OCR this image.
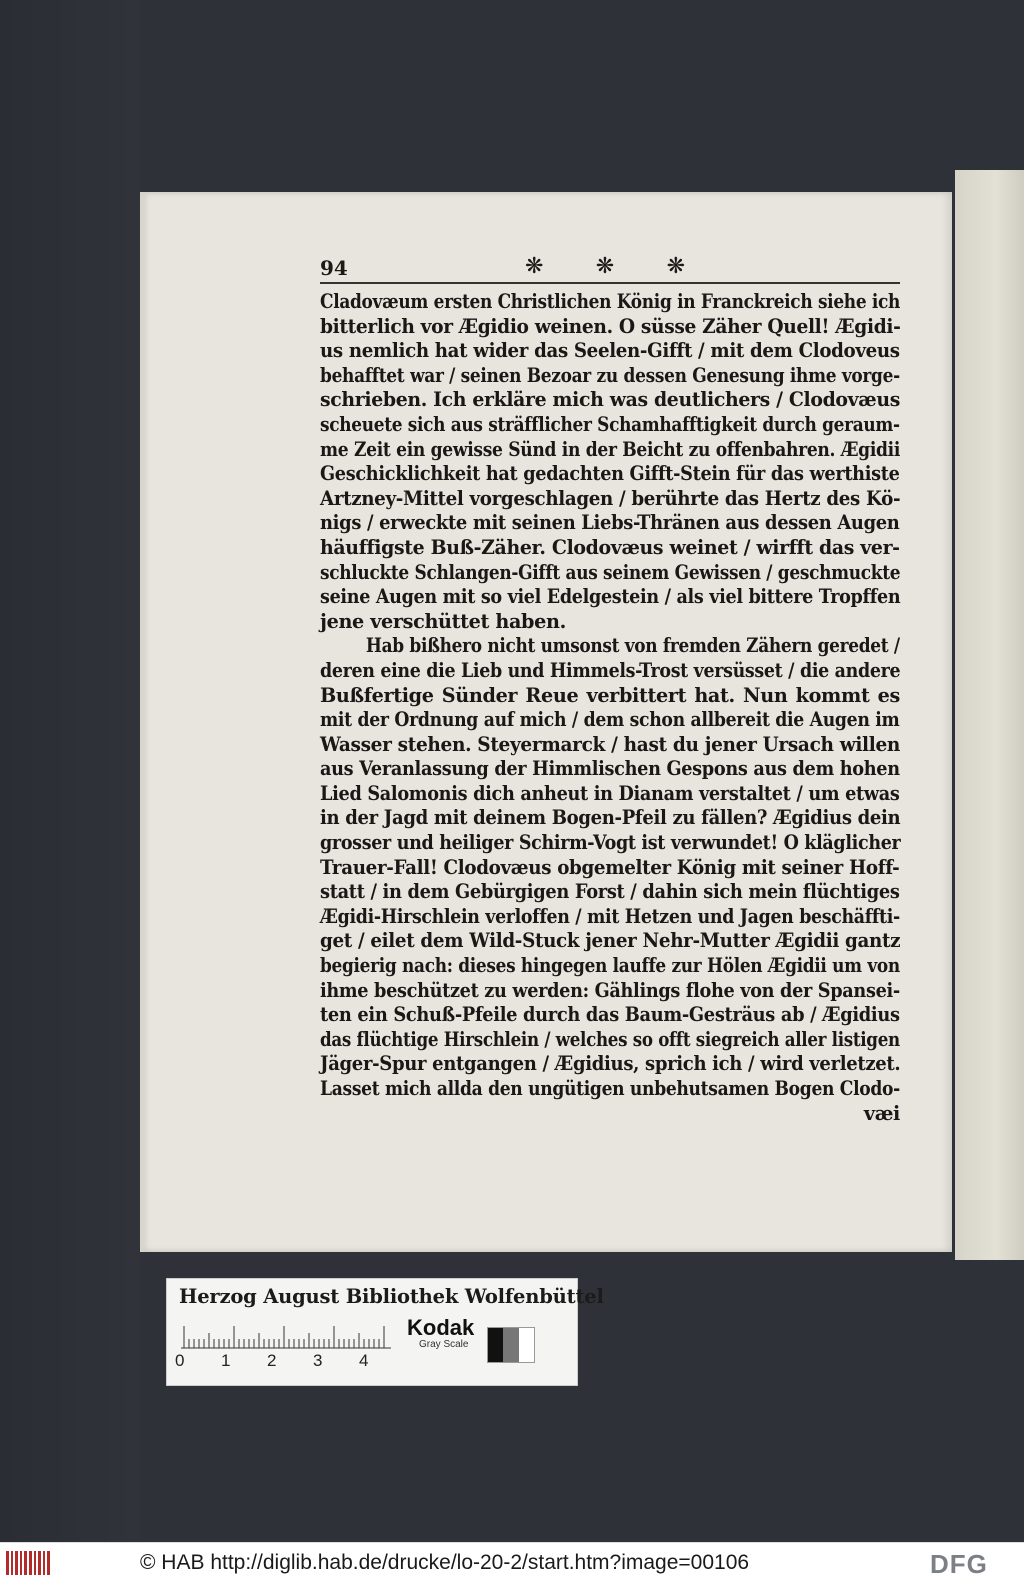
94	❋ ❋ ❋
Cladovæum ersten Christlichen König in Franckreich siehe ich
bitterlich vor Ægidio weinen. O süsse Zäher Quell! Ægidi-
us nemlich hat wider das Seelen-Gifft / mit dem Clodoveus
behafftet war / seinen Bezoar zu dessen Genesung ihme vorge-
schrieben. Ich erkläre mich was deutlichers / Clodovæus
scheuete sich aus sträfflicher Schamhafftigkeit durch geraum-
me Zeit ein gewisse Sünd in der Beicht zu offenbahren. Ægidii
Geschicklichkeit hat gedachten Gifft-Stein für das werthiste
Artzney-Mittel vorgeschlagen / berührte das Hertz des Kö-
nigs / erweckte mit seinen Liebs-Thränen aus dessen Augen
häuffigste Buß-Zäher. Clodovæus weinet / wirfft das ver-
schluckte Schlangen-Gifft aus seinem Gewissen / geschmuckte
seine Augen mit so viel Edelgestein / als viel bittere Tropffen
jene verschüttet haben.
Hab bißhero nicht umsonst von fremden Zähern geredet /
deren eine die Lieb und Himmels-Trost versüsset / die andere
Bußfertige Sünder Reue verbittert hat. Nun kommt es
mit der Ordnung auf mich / dem schon allbereit die Augen im
Wasser stehen. Steyermarck / hast du jener Ursach willen
aus Veranlassung der Himmlischen Gespons aus dem hohen
Lied Salomonis dich anheut in Dianam verstaltet / um etwas
in der Jagd mit deinem Bogen-Pfeil zu fällen? Ægidius dein
grosser und heiliger Schirm-Vogt ist verwundet! O kläglicher
Trauer-Fall! Clodovæus obgemelter König mit seiner Hoff-
statt / in dem Gebürgigen Forst / dahin sich mein flüchtiges
Ægidi-Hirschlein verloffen / mit Hetzen und Jagen beschäffti-
get / eilet dem Wild-Stuck jener Nehr-Mutter Ægidii gantz
begierig nach: dieses hingegen lauffe zur Hölen Ægidii um von
ihme beschützet zu werden: Gählings flohe von der Spansei-
ten ein Schuß-Pfeile durch das Baum-Gesträus ab / Ægidius
das flüchtige Hirschlein / welches so offt siegreich aller listigen
Jäger-Spur entgangen / Ægidius, sprich ich / wird verletzet.
Lasset mich allda den ungütigen unbehutsamen Bogen Clodo-
væi
Herzog August Bibliothek Wolfenbüttel
0	1	2	3	4
Kodak
Gray Scale
© HAB http://diglib.hab.de/drucke/lo-20-2/start.htm?image=00106	DFG
